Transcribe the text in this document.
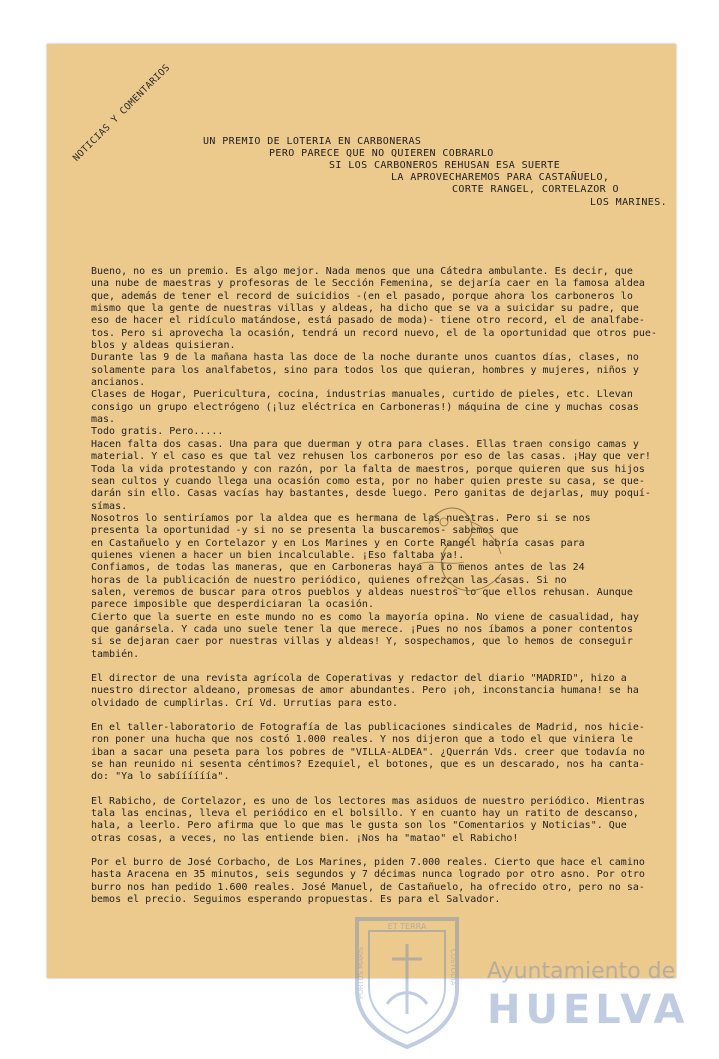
NOTICIAS Y COMENTARIOS	UN PREMIO DE LOTERIA EN CARBONERAS
PERO PARECE QUE NO QUIEREN COBRARLO
SI LOS CARBONEROS REHUSAN ESA SUERTE
LA APROVECHAREMOS PARA CASTAÑUELO,
CORTE RANGEL, CORTELAZOR O
LOS MARINES.

Bueno, no es un premio. Es algo mejor. Nada menos que una Cátedra ambulante. Es decir, que
una nube de maestras y profesoras de le Sección Femenina, se dejaría caer en la famosa aldea
que, además de tener el record de suicidios -(en el pasado, porque ahora los carboneros lo
mismo que la gente de nuestras villas y aldeas, ha dicho que se va a suicidar su padre, que
eso de hacer el ridículo matándose, está pasado de moda)- tiene otro record, el de analfabe-
tos. Pero si aprovecha la ocasión, tendrá un record nuevo, el de la oportunidad que otros pue-
blos y aldeas quisieran.
Durante las 9 de la mañana hasta las doce de la noche durante unos cuantos días, clases, no
solamente para los analfabetos, sino para todos los que quieran, hombres y mujeres, niños y
ancianos.
Clases de Hogar, Puericultura, cocina, industrias manuales, curtido de pieles, etc. Llevan
consigo un grupo electrógeno (¡luz eléctrica en Carboneras!) máquina de cine y muchas cosas
mas.
Todo gratis. Pero.....
Hacen falta dos casas. Una para que duerman y otra para clases. Ellas traen consigo camas y
material. Y el caso es que tal vez rehusen los carboneros por eso de las casas. ¡Hay que ver!
Toda la vida protestando y con razón, por la falta de maestros, porque quieren que sus hijos
sean cultos y cuando llega una ocasión como esta, por no haber quien preste su casa, se que-
darán sin ello. Casas vacías hay bastantes, desde luego. Pero ganitas de dejarlas, muy poquí-
símas.
Nosotros lo sentiríamos por la aldea que es hermana de las nuestras. Pero si se nos
presenta la oportunidad -y si no se presenta la buscaremos- sabemos que
en Castañuelo y en Cortelazor y en Los Marines y en Corte Rangel habría casas para
quienes vienen a hacer un bien incalculable. ¡Eso faltaba ya!.
Confiamos, de todas las maneras, que en Carboneras haya a lo menos antes de las 24
horas de la publicación de nuestro periódico, quienes ofrezcan las casas. Si no
salen, veremos de buscar para otros pueblos y aldeas nuestros lo que ellos rehusan. Aunque
parece imposible que desperdiciaran la ocasión.
Cierto que la suerte en este mundo no es como la mayoría opina. No viene de casualidad, hay
que ganársela. Y cada uno suele tener la que merece. ¡Pues no nos íbamos a poner contentos
si se dejaran caer por nuestras villas y aldeas! Y, sospechamos, que lo hemos de conseguir
también.

El director de una revista agrícola de Coperativas y redactor del diario "MADRID", hizo a
nuestro director aldeano, promesas de amor abundantes. Pero ¡oh, inconstancia humana! se ha
olvidado de cumplirlas. Crí Vd. Urrutias para esto.

En el taller-laboratorio de Fotografía de las publicaciones sindicales de Madrid, nos hicie-
ron poner una hucha que nos costó 1.000 reales. Y nos dijeron que a todo el que viniera le
iban a sacar una peseta para los pobres de "VILLA-ALDEA". ¿Querrán Vds. creer que todavía no
se han reunido ni sesenta céntimos? Ezequiel, el botones, que es un descarado, nos ha canta-
do: "Ya lo sabíííííía".

El Rabicho, de Cortelazor, es uno de los lectores mas asiduos de nuestro periódico. Mientras
tala las encinas, lleva el periódico en el bolsillo. Y en cuanto hay un ratito de descanso,
hala, a leerlo. Pero afirma que lo que mas le gusta son los "Comentarios y Noticias". Que
otras cosas, a veces, no las entiende bien. ¡Nos ha "matao" el Rabicho!

Por el burro de José Corbacho, de Los Marines, piden 7.000 reales. Cierto que hace el camino
hasta Aracena en 35 minutos, seis segundos y 7 décimas nunca logrado por otro asno. Por otro
burro nos han pedido 1.600 reales. José Manuel, de Castañuelo, ha ofrecido otro, pero no sa-
bemos el precio. Seguimos esperando propuestas. Es para el Salvador.

ET TERRA
PORTUS MARIS	CUSTODIA Ayuntamiento de
HUELVA
